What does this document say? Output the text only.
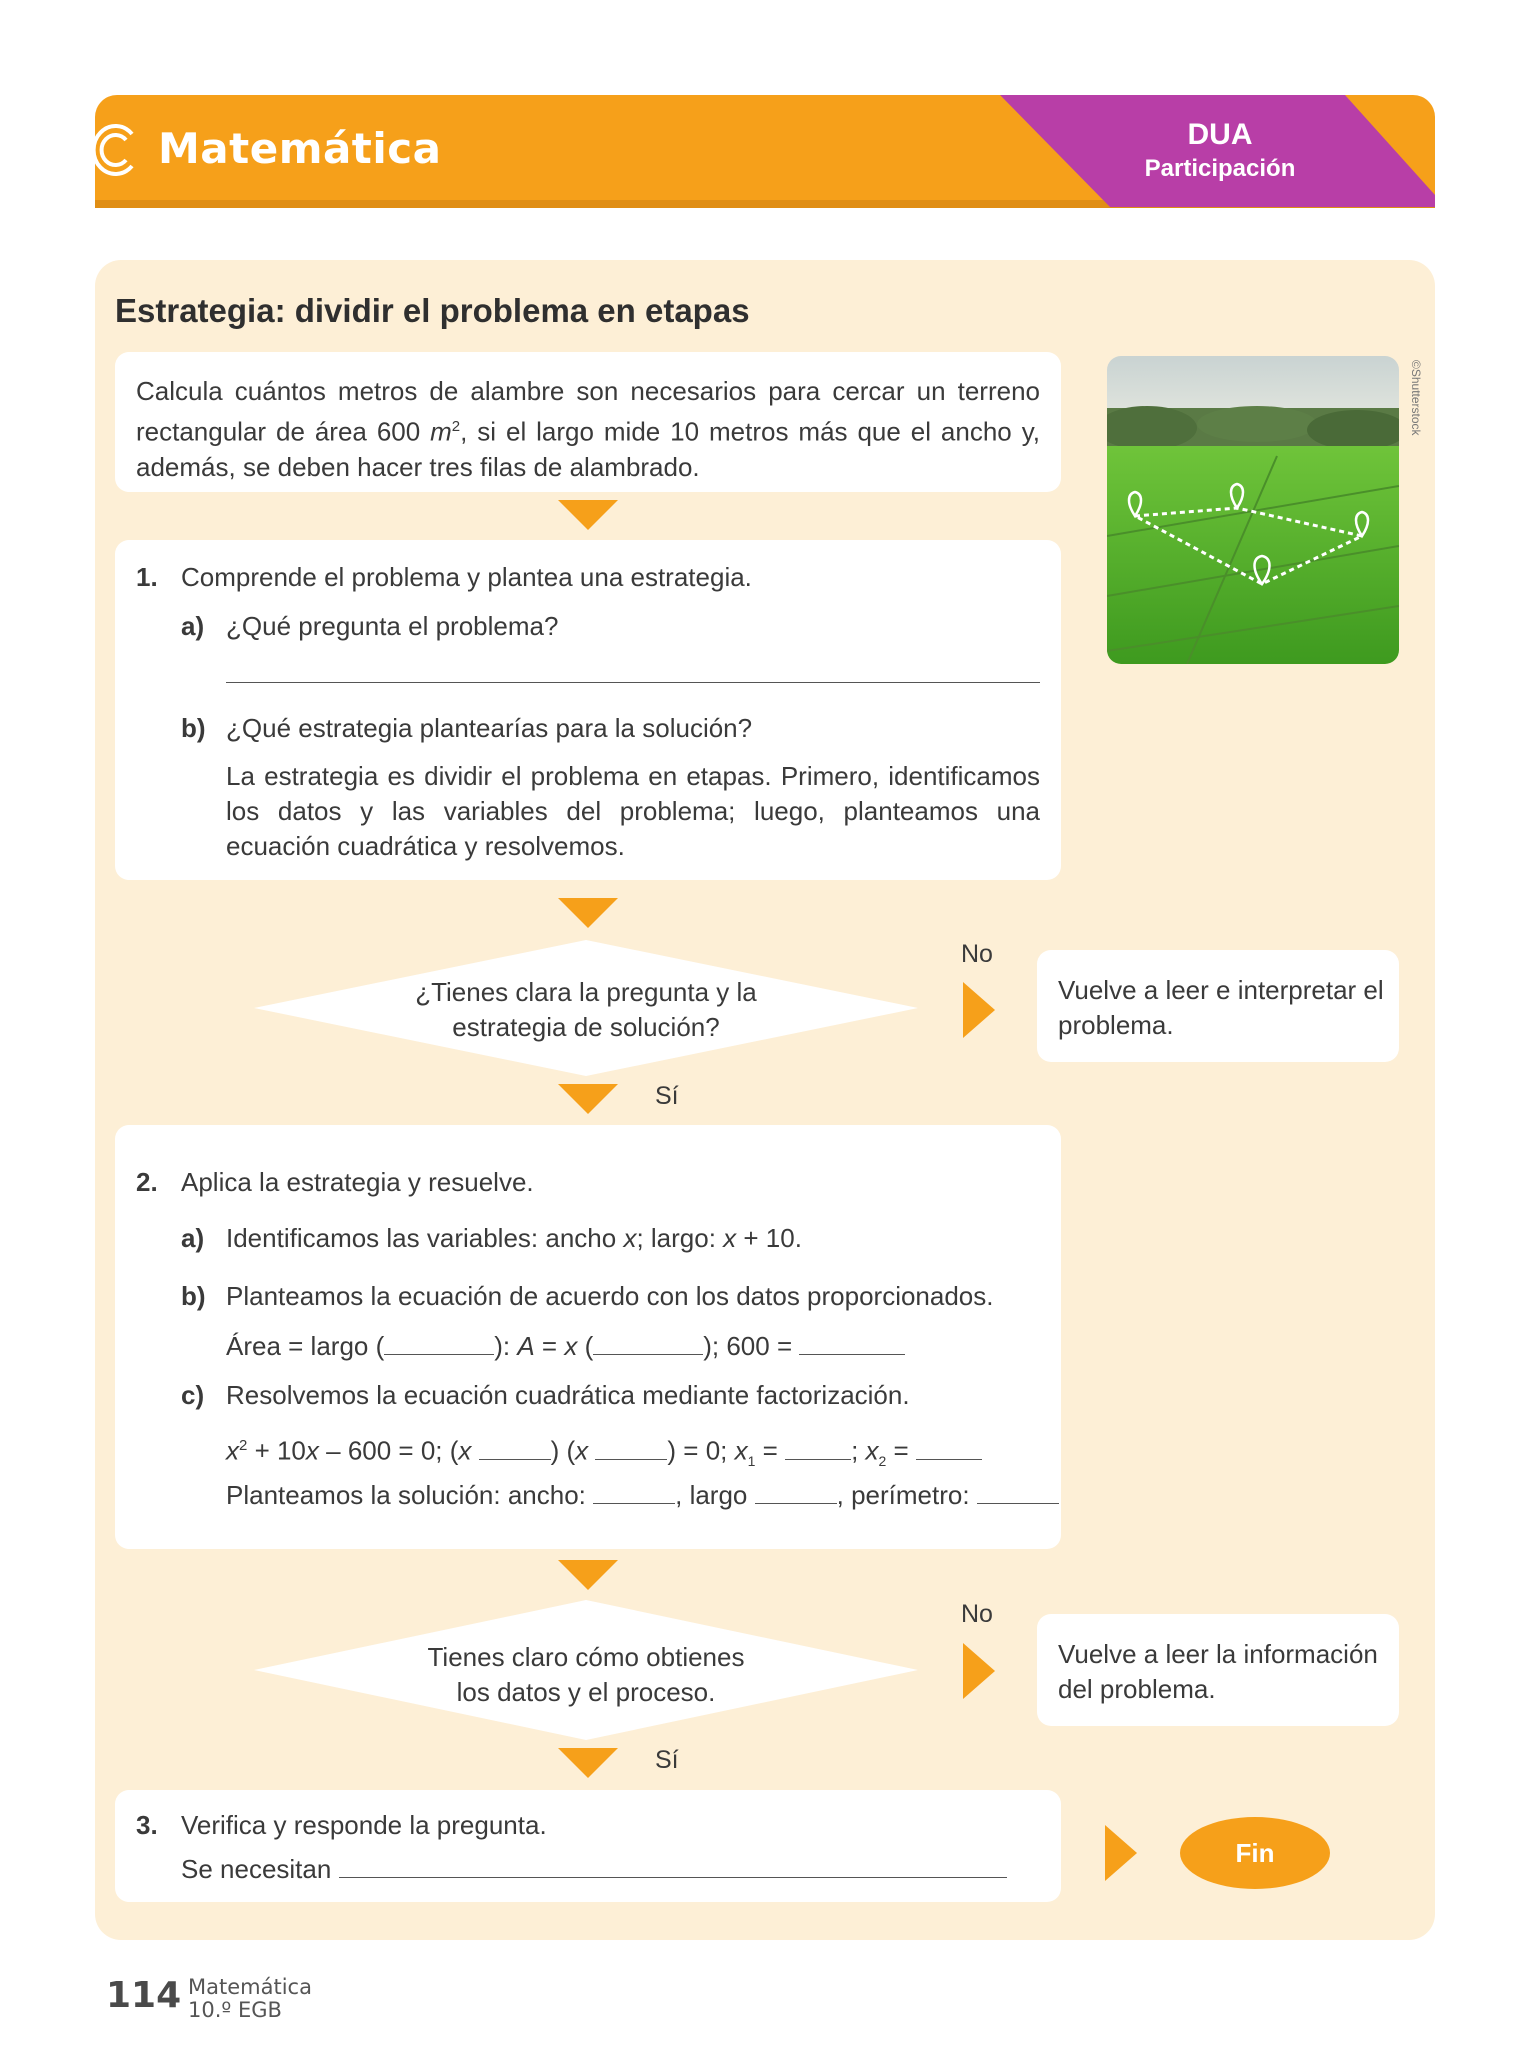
Matemática	DUA
Participación
Estrategia: dividir el problema en etapas
Calcula cuántos metros de alambre son necesarios para cercar un terreno rectangular de área 600 $m^2$, si el largo mide 10 metros más que el ancho y, además, se deben hacer tres filas de alambrado.
©Shutterstock
1. Comprende el problema y plantea una estrategia.
a) ¿Qué pregunta el problema?
b) ¿Qué estrategia plantearías para la solución?
La estrategia es dividir el problema en etapas. Primero, identificamos los datos y las variables del problema; luego, planteamos una ecuación cuadrática y resolvemos.
¿Tienes clara la pregunta y la
estrategia de solución?
No
Vuelve a leer e interpretar el problema.
Sí
2. Aplica la estrategia y resuelve.
a) Identificamos las variables: ancho x; largo: x + 10.
b) Planteamos la ecuación de acuerdo con los datos proporcionados.
Área = largo (	): A = x (	); 600 =
c) Resolvemos la ecuación cuadrática mediante factorización.
$x^2 + 10x - 600 = 0$; (x	) (x	) = 0; $x_1$ =	; $x_2$ =
Planteamos la solución: ancho:	, largo	, perímetro:
Tienes claro cómo obtienes
los datos y el proceso.
No
Vuelve a leer la información del problema.
Sí
3. Verifica y responde la pregunta.
Se necesitan
Fin
114 Matemática
10.º EGB
